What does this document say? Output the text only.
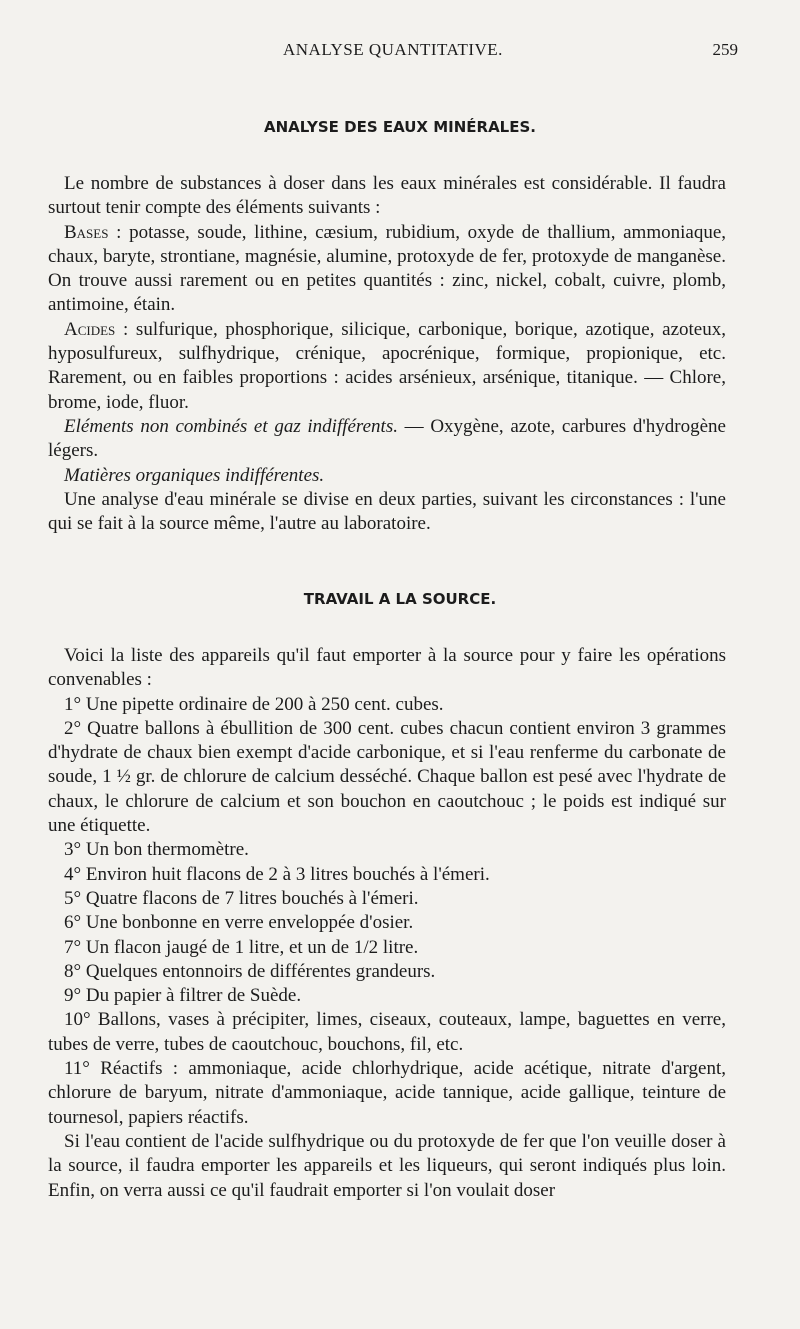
ANALYSE QUANTITATIVE.	259
ANALYSE DES EAUX MINÉRALES.

Le nombre de substances à doser dans les eaux minérales est considérable. Il faudra surtout tenir compte des éléments suivants :

Bases : potasse, soude, lithine, cæsium, rubidium, oxyde de thallium, ammoniaque, chaux, baryte, strontiane, magnésie, alumine, protoxyde de fer, protoxyde de manganèse. On trouve aussi rarement ou en petites quantités : zinc, nickel, cobalt, cuivre, plomb, antimoine, étain.

Acides : sulfurique, phosphorique, silicique, carbonique, borique, azotique, azoteux, hyposulfureux, sulfhydrique, crénique, apocrénique, formique, propionique, etc. Rarement, ou en faibles proportions : acides arsénieux, arsénique, titanique. — Chlore, brome, iode, fluor.

Eléments non combinés et gaz indifférents. — Oxygène, azote, carbures d'hydrogène légers.

Matières organiques indifférentes.

Une analyse d'eau minérale se divise en deux parties, suivant les circonstances : l'une qui se fait à la source même, l'autre au laboratoire.

TRAVAIL A LA SOURCE.

Voici la liste des appareils qu'il faut emporter à la source pour y faire les opérations convenables :

1° Une pipette ordinaire de 200 à 250 cent. cubes.

2° Quatre ballons à ébullition de 300 cent. cubes chacun contient environ 3 grammes d'hydrate de chaux bien exempt d'acide carbonique, et si l'eau renferme du carbonate de soude, 1 ½ gr. de chlorure de calcium desséché. Chaque ballon est pesé avec l'hydrate de chaux, le chlorure de calcium et son bouchon en caoutchouc ; le poids est indiqué sur une étiquette.

3° Un bon thermomètre.

4° Environ huit flacons de 2 à 3 litres bouchés à l'émeri.

5° Quatre flacons de 7 litres bouchés à l'émeri.

6° Une bonbonne en verre enveloppée d'osier.

7° Un flacon jaugé de 1 litre, et un de 1/2 litre.

8° Quelques entonnoirs de différentes grandeurs.

9° Du papier à filtrer de Suède.

10° Ballons, vases à précipiter, limes, ciseaux, couteaux, lampe, baguettes en verre, tubes de verre, tubes de caoutchouc, bouchons, fil, etc.

11° Réactifs : ammoniaque, acide chlorhydrique, acide acétique, nitrate d'argent, chlorure de baryum, nitrate d'ammoniaque, acide tannique, acide gallique, teinture de tournesol, papiers réactifs.

Si l'eau contient de l'acide sulfhydrique ou du protoxyde de fer que l'on veuille doser à la source, il faudra emporter les appareils et les liqueurs, qui seront indiqués plus loin. Enfin, on verra aussi ce qu'il faudrait emporter si l'on voulait doser
